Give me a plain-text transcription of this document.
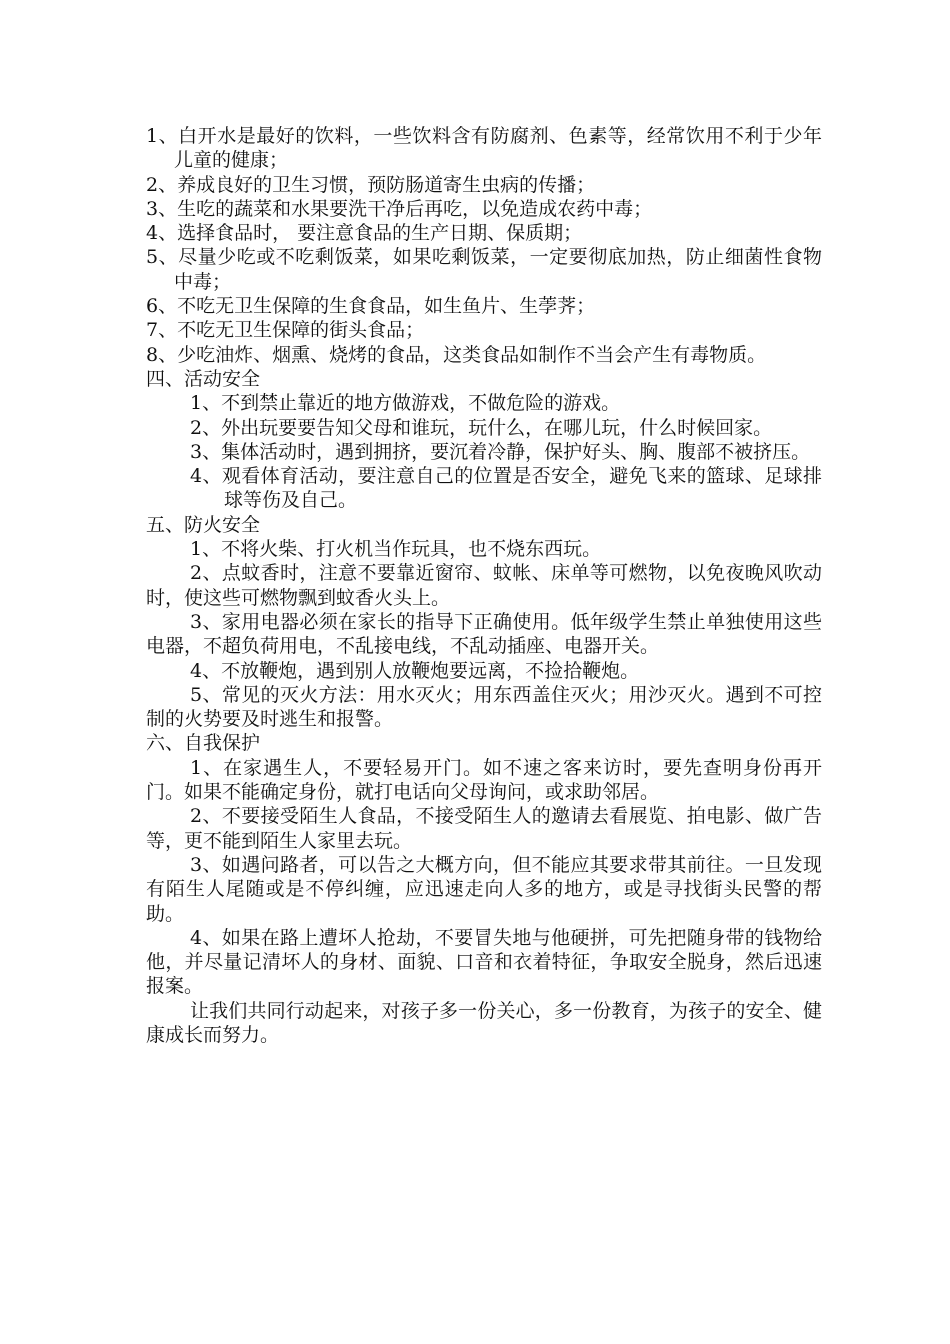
1、白开水是最好的饮料，一些饮料含有防腐剂、色素等，经常饮用不利于少年儿童的健康；

2、养成良好的卫生习惯，预防肠道寄生虫病的传播；

3、生吃的蔬菜和水果要洗干净后再吃，以免造成农药中毒；

4、选择食品时， 要注意食品的生产日期、保质期；

5、尽量少吃或不吃剩饭菜，如果吃剩饭菜，一定要彻底加热，防止细菌性食物中毒；

6、不吃无卫生保障的生食食品，如生鱼片、生荸荠；

7、不吃无卫生保障的街头食品；

8、少吃油炸、烟熏、烧烤的食品，这类食品如制作不当会产生有毒物质。

四、活动安全

1、不到禁止靠近的地方做游戏，不做危险的游戏。

2、外出玩要要告知父母和谁玩，玩什么，在哪儿玩，什么时候回家。

3、集体活动时，遇到拥挤，要沉着冷静，保护好头、胸、腹部不被挤压。

4、观看体育活动，要注意自己的位置是否安全，避免飞来的篮球、足球排球等伤及自己。

五、防火安全

1、不将火柴、打火机当作玩具，也不烧东西玩。

2、点蚊香时，注意不要靠近窗帘、蚊帐、床单等可燃物，以免夜晚风吹动时，使这些可燃物飘到蚊香火头上。

3、家用电器必须在家长的指导下正确使用。低年级学生禁止单独使用这些电器，不超负荷用电，不乱接电线，不乱动插座、电器开关。

4、不放鞭炮，遇到别人放鞭炮要远离，不捡拾鞭炮。

5、常见的灭火方法：用水灭火；用东西盖住灭火；用沙灭火。遇到不可控制的火势要及时逃生和报警。

六、自我保护

1、在家遇生人，不要轻易开门。如不速之客来访时，要先查明身份再开门。如果不能确定身份，就打电话向父母询问，或求助邻居。

2、不要接受陌生人食品，不接受陌生人的邀请去看展览、拍电影、做广告等，更不能到陌生人家里去玩。

3、如遇问路者，可以告之大概方向，但不能应其要求带其前往。一旦发现有陌生人尾随或是不停纠缠，应迅速走向人多的地方，或是寻找街头民警的帮助。

4、如果在路上遭坏人抢劫，不要冒失地与他硬拼，可先把随身带的钱物给他，并尽量记清坏人的身材、面貌、口音和衣着特征，争取安全脱身，然后迅速报案。

让我们共同行动起来，对孩子多一份关心，多一份教育，为孩子的安全、健康成长而努力。
